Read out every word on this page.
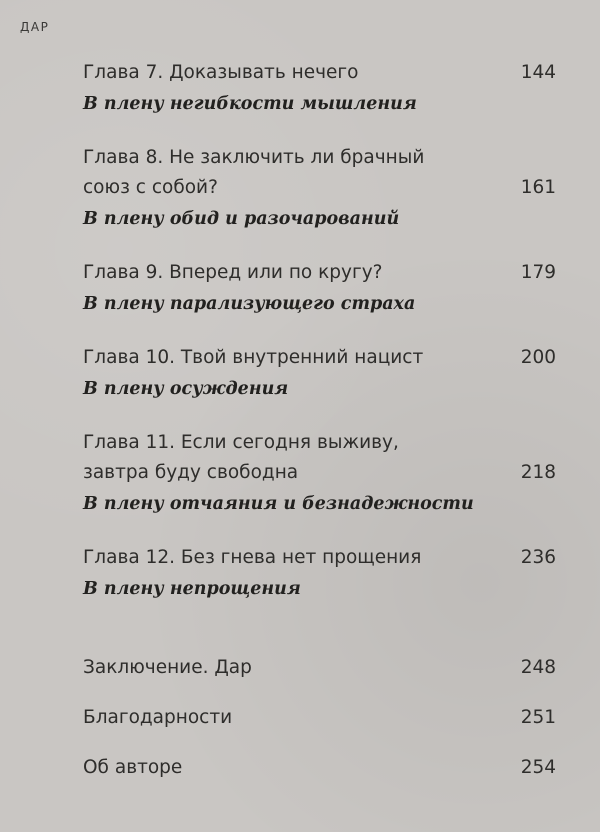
ДАР
Глава 7. Доказывать нечего	144
В плену негибкости мышления
Глава 8. Не заключить ли брачный
союз с собой?	161
В плену обид и разочарований
Глава 9. Вперед или по кругу?	179
В плену парализующего страха
Глава 10. Твой внутренний нацист	200
В плену осуждения
Глава 11. Если сегодня выживу,
завтра буду свободна	218
В плену отчаяния и безнадежности
Глава 12. Без гнева нет прощения	236
В плену непрощения
Заключение. Дар	248
Благодарности	251
Об авторе	254
